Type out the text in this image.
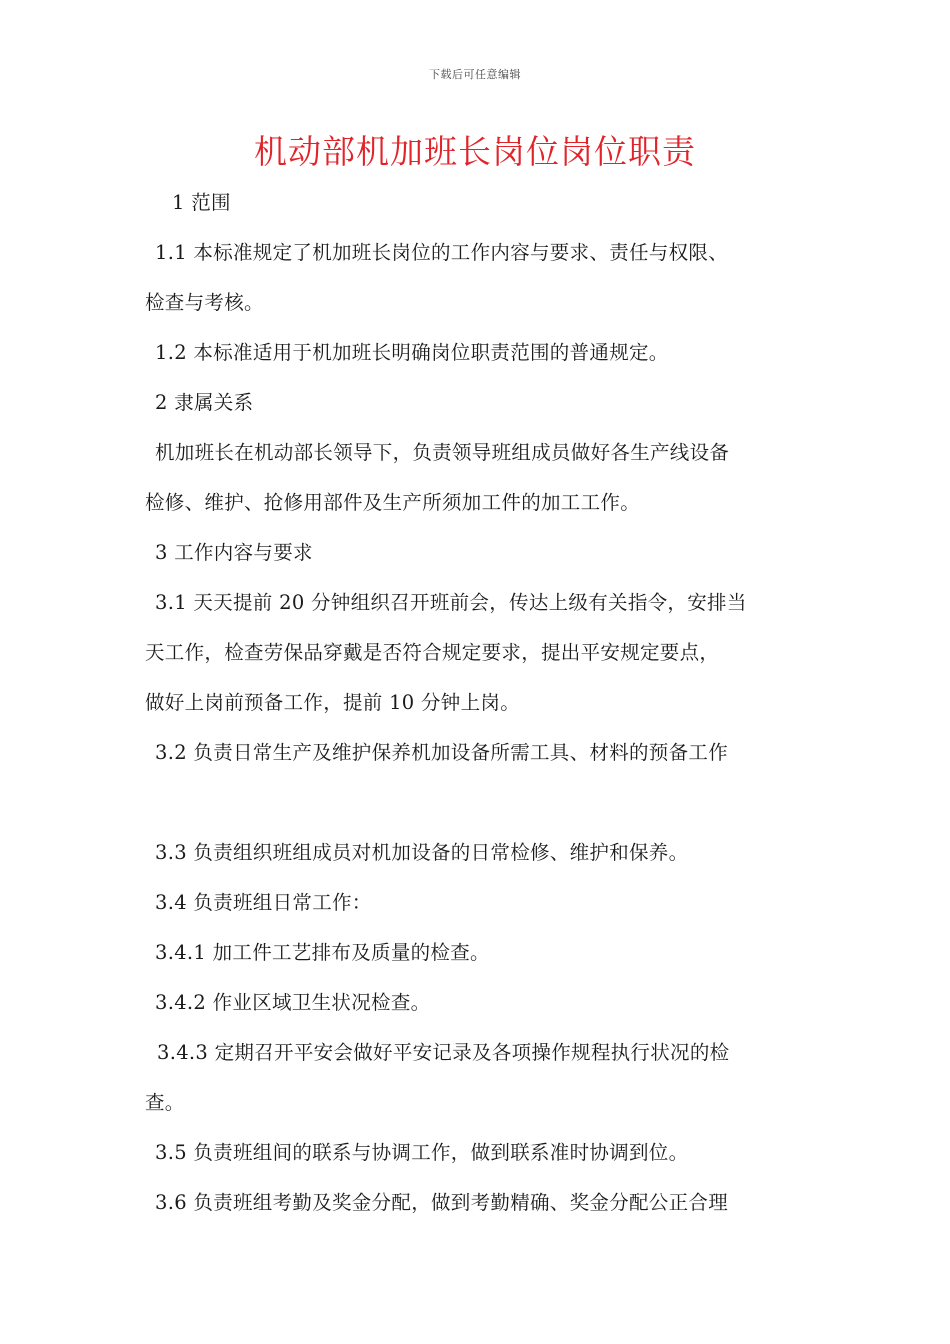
下载后可任意编辑
机动部机加班长岗位岗位职责
1 范围
1.1 本标准规定了机加班长岗位的工作内容与要求、责任与权限、
检查与考核。
1.2 本标准适用于机加班长明确岗位职责范围的普通规定。
2 隶属关系
机加班长在机动部长领导下，负责领导班组成员做好各生产线设备
检修、维护、抢修用部件及生产所须加工件的加工工作。
3 工作内容与要求
3.1 天天提前 20 分钟组织召开班前会，传达上级有关指令，安排当
天工作，检查劳保品穿戴是否符合规定要求，提出平安规定要点，
做好上岗前预备工作，提前 10 分钟上岗。
3.2 负责日常生产及维护保养机加设备所需工具、材料的预备工作
3.3 负责组织班组成员对机加设备的日常检修、维护和保养。
3.4 负责班组日常工作：
3.4.1 加工件工艺排布及质量的检查。
3.4.2 作业区域卫生状况检查。
3.4.3 定期召开平安会做好平安记录及各项操作规程执行状况的检
查。
3.5 负责班组间的联系与协调工作，做到联系准时协调到位。
3.6 负责班组考勤及奖金分配，做到考勤精确、奖金分配公正合理
